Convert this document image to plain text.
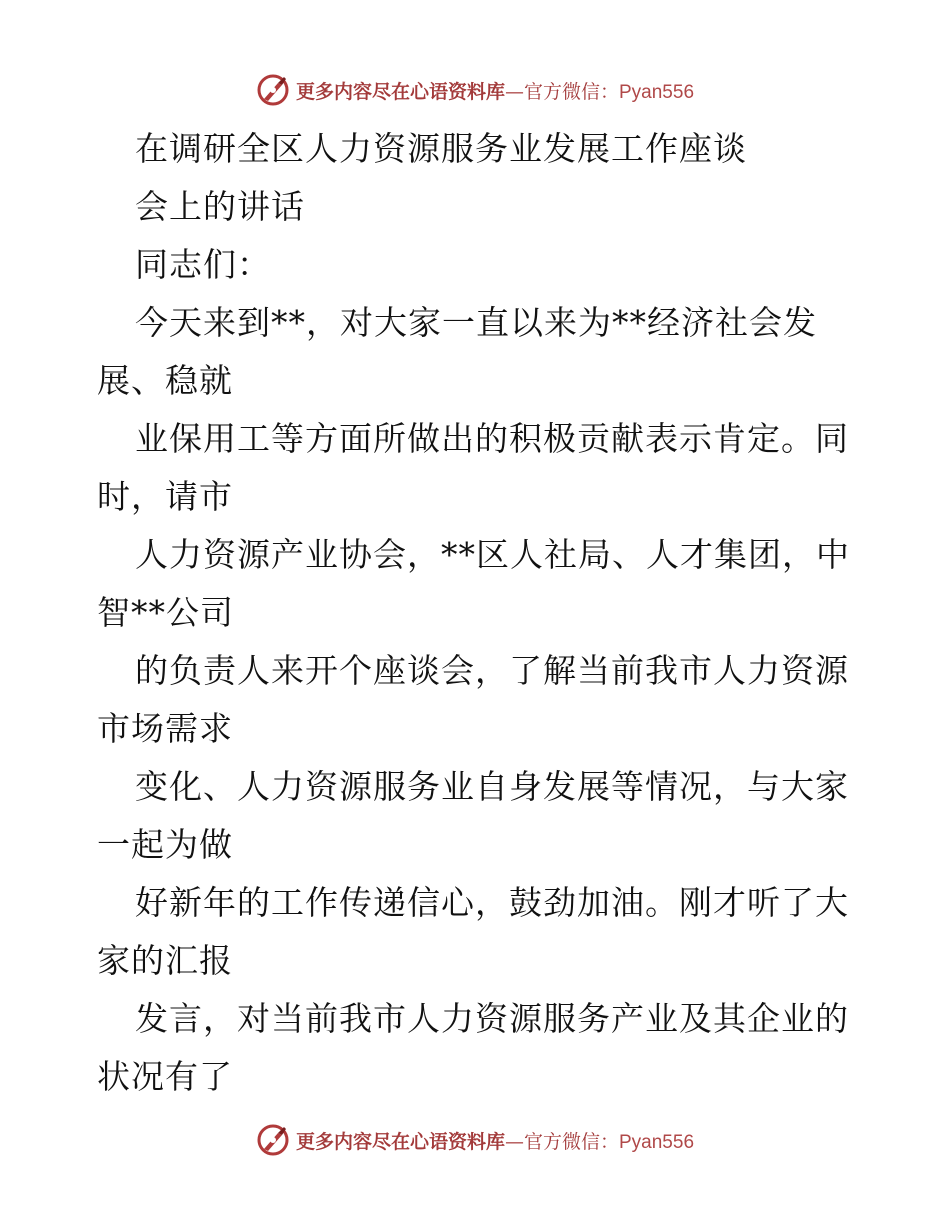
更多内容尽在心语资料库—官方微信：Pyan556
在调研全区人力资源服务业发展工作座谈
会上的讲话
同志们：
今天来到**，对大家一直以来为**经济社会发
展、稳就
业保用工等方面所做出的积极贡献表示肯定。同
时，请市
人力资源产业协会，**区人社局、人才集团，中
智**公司
的负责人来开个座谈会，了解当前我市人力资源
市场需求
变化、人力资源服务业自身发展等情况，与大家
一起为做
好新年的工作传递信心，鼓劲加油。刚才听了大
家的汇报
发言，对当前我市人力资源服务产业及其企业的
状况有了
更多内容尽在心语资料库—官方微信：Pyan556
